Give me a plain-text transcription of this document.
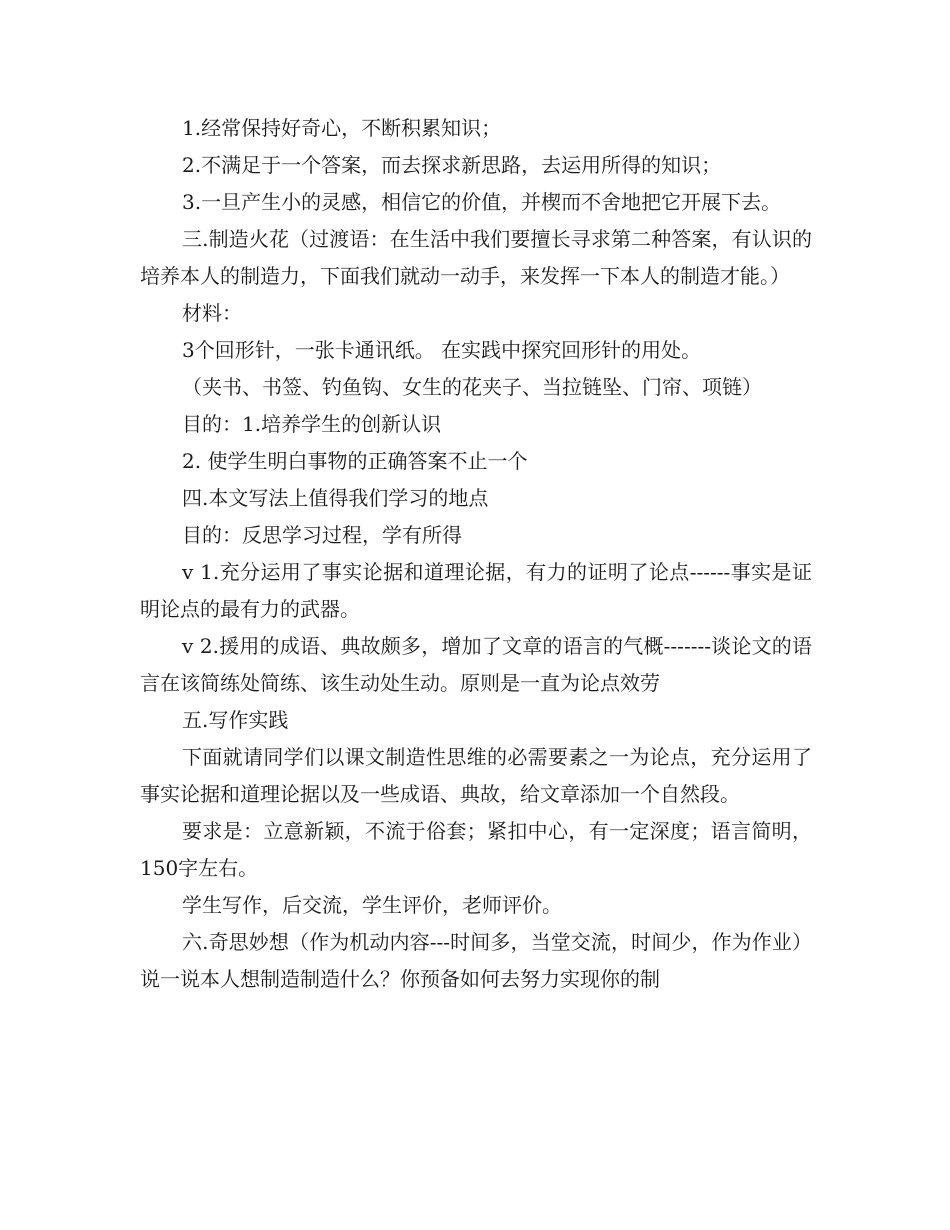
1.经常保持好奇心，不断积累知识；

2.不满足于一个答案，而去探求新思路，去运用所得的知识；

3.一旦产生小的灵感，相信它的价值，并楔而不舍地把它开展下去。

三.制造火花（过渡语：在生活中我们要擅长寻求第二种答案，有认识的培养本人的制造力，下面我们就动一动手，来发挥一下本人的制造才能。）

材料：

3个回形针，一张卡通讯纸。 在实践中探究回形针的用处。

（夹书、书签、钓鱼钩、女生的花夹子、当拉链坠、门帘、项链）

目的：1.培养学生的创新认识

2. 使学生明白事物的正确答案不止一个

四.本文写法上值得我们学习的地点

目的：反思学习过程，学有所得

v 1.充分运用了事实论据和道理论据，有力的证明了论点------事实是证明论点的最有力的武器。

v 2.援用的成语、典故颇多，增加了文章的语言的气概-------谈论文的语言在该简练处简练、该生动处生动。原则是一直为论点效劳

五.写作实践

下面就请同学们以课文制造性思维的必需要素之一为论点，充分运用了事实论据和道理论据以及一些成语、典故，给文章添加一个自然段。

要求是：立意新颖，不流于俗套；紧扣中心，有一定深度；语言简明，150字左右。

学生写作，后交流，学生评价，老师评价。

六.奇思妙想（作为机动内容---时间多，当堂交流，时间少，作为作业）说一说本人想制造制造什么？你预备如何去努力实现你的制
